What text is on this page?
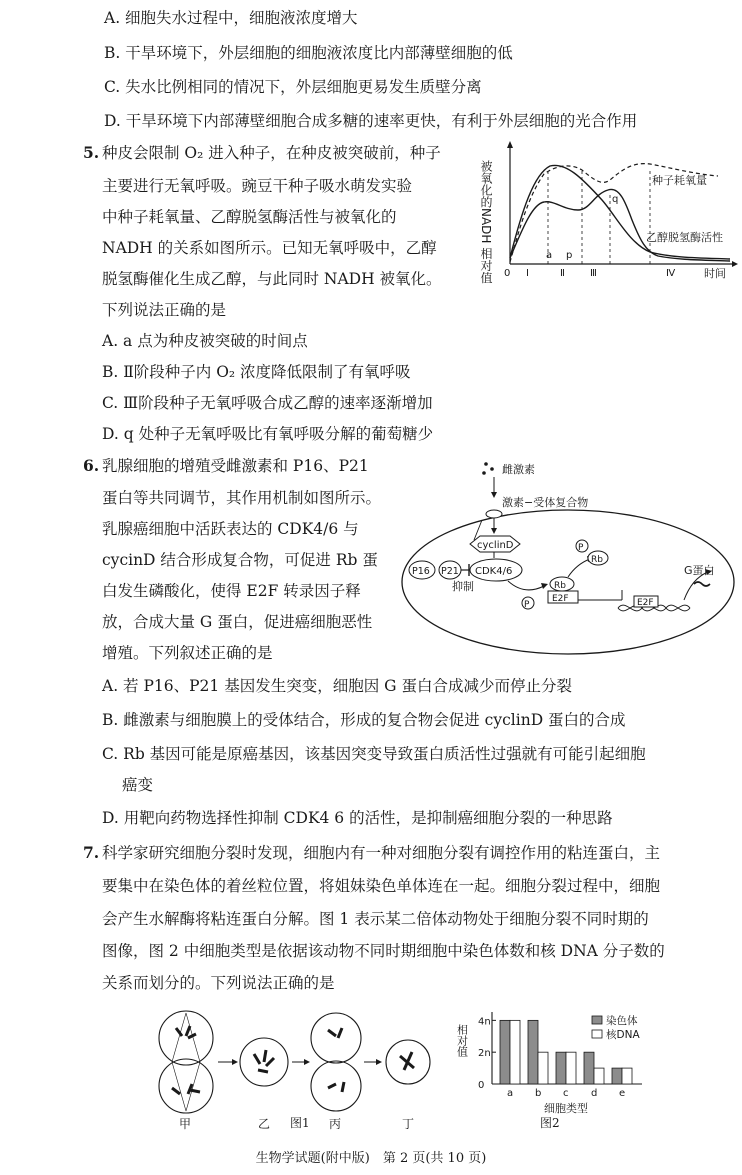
A. 细胞失水过程中，细胞液浓度增大
B. 干旱环境下，外层细胞的细胞液浓度比内部薄壁细胞的低
C. 失水比例相同的情况下，外层细胞更易发生质壁分离
D. 干旱环境下内部薄壁细胞合成多糖的速率更快，有利于外层细胞的光合作用
5. 种皮会限制 O₂ 进入种子，在种皮被突破前，种子
主要进行无氧呼吸。豌豆干种子吸水萌发实验
中种子耗氧量、乙醇脱氢酶活性与被氧化的
NADH 的关系如图所示。已知无氧呼吸中，乙醇
脱氢酶催化生成乙醇，与此同时 NADH 被氧化。
下列说法正确的是
A. a 点为种皮被突破的时间点
B. Ⅱ阶段种子内 O₂ 浓度降低限制了有氧呼吸
C. Ⅲ阶段种子无氧呼吸合成乙醇的速率逐渐增加
D. q 处种子无氧呼吸比有氧呼吸分解的葡萄糖少
被氧化的NADH 相对值 0 Ⅰ	Ⅱ	Ⅲ	Ⅳ
a p
q
时间
种子耗氧量
乙醇脱氢酶活性
6. 乳腺细胞的增殖受雌激素和 P16、P21
蛋白等共同调节，其作用机制如图所示。
乳腺癌细胞中活跃表达的 CDK4/6 与
cycinD 结合形成复合物，可促进 Rb 蛋
白发生磷酸化，使得 E2F 转录因子释
放，合成大量 G 蛋白，促进癌细胞恶性
增殖。下列叙述正确的是
A. 若 P16、P21 基因发生突变，细胞因 G 蛋白合成减少而停止分裂
B. 雌激素与细胞膜上的受体结合，形成的复合物会促进 cyclinD 蛋白的合成
C. Rb 基因可能是原癌基因，该基因突变导致蛋白质活性过强就有可能引起细胞
癌变
D. 用靶向药物选择性抑制 CDK4 6 的活性，是抑制癌细胞分裂的一种思路
雌激素
激素−受体复合物
cyclinD
CDK4/6
P16 P21
抑制
P
Rb
E2F
Rb
P
E2F
G蛋白
7. 科学家研究细胞分裂时发现，细胞内有一种对细胞分裂有调控作用的粘连蛋白，主
要集中在染色体的着丝粒位置，将姐妹染色单体连在一起。细胞分裂过程中，细胞
会产生水解酶将粘连蛋白分解。图 1 表示某二倍体动物处于细胞分裂不同时期的
图像，图 2 中细胞类型是依据该动物不同时期细胞中染色体数和核 DNA 分子数的
关系而划分的。下列说法正确的是
甲	乙	丙	丁
图1
相对值
0
2n
4n
a b c d e
细胞类型
染色体
核DNA
图2
生物学试题(附中版)　第 2 页(共 10 页)
